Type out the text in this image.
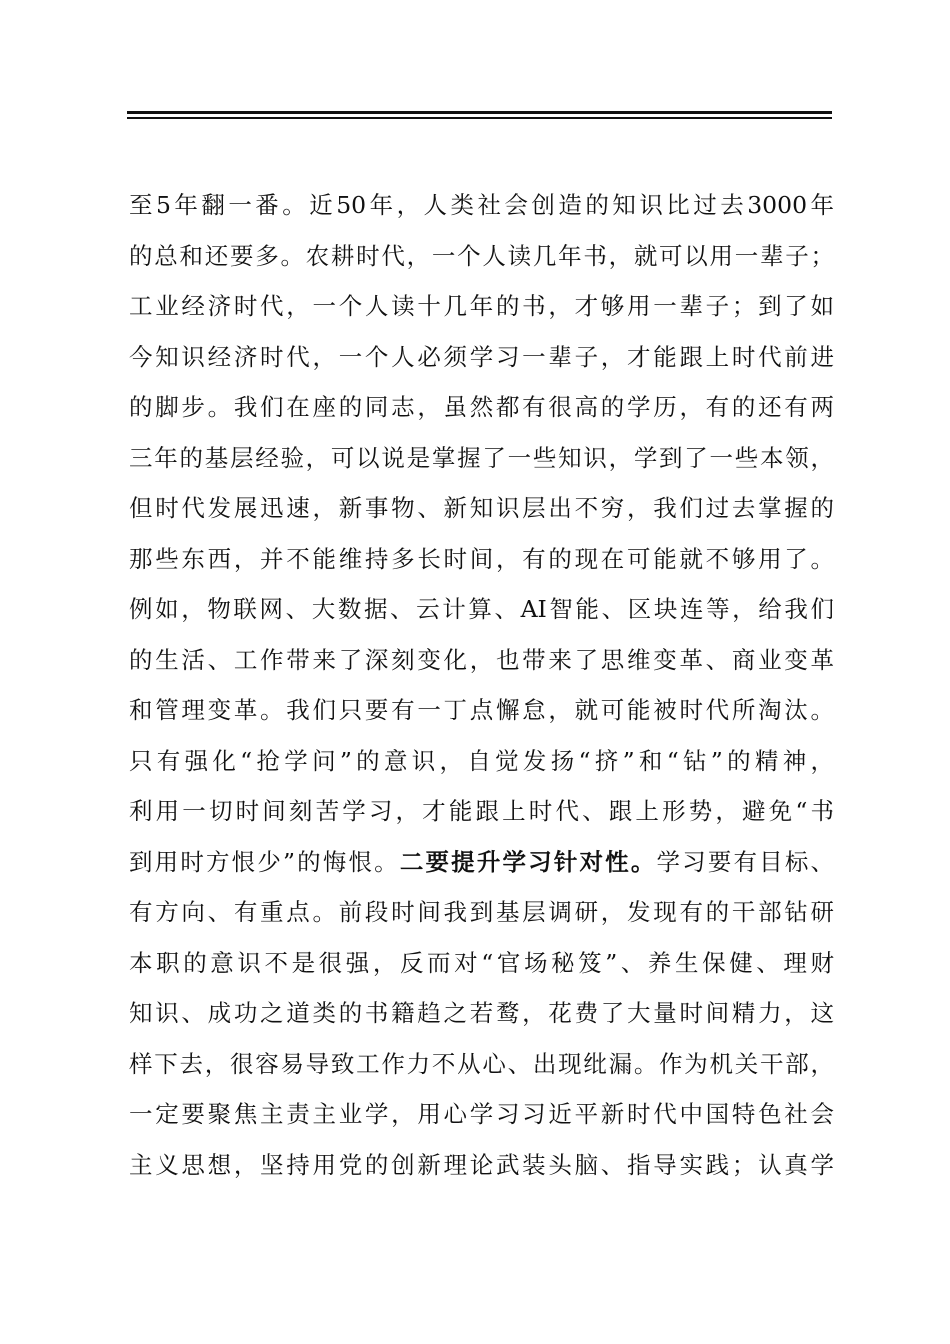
至5年翻一番。近50年，人类社会创造的知识比过去3000年
的总和还要多。农耕时代，一个人读几年书，就可以用一辈子；
工业经济时代，一个人读十几年的书，才够用一辈子；到了如
今知识经济时代，一个人必须学习一辈子，才能跟上时代前进
的脚步。我们在座的同志，虽然都有很高的学历，有的还有两
三年的基层经验，可以说是掌握了一些知识，学到了一些本领，
但时代发展迅速，新事物、新知识层出不穷，我们过去掌握的
那些东西，并不能维持多长时间，有的现在可能就不够用了。
例如，物联网、大数据、云计算、AI智能、区块连等，给我们
的生活、工作带来了深刻变化，也带来了思维变革、商业变革
和管理变革。我们只要有一丁点懈怠，就可能被时代所淘汰。
只有强化“抢学问”的意识，自觉发扬“挤”和“钻”的精神，
利用一切时间刻苦学习，才能跟上时代、跟上形势，避免“书
到用时方恨少”的悔恨。二要提升学习针对性。学习要有目标、
有方向、有重点。前段时间我到基层调研，发现有的干部钻研
本职的意识不是很强，反而对“官场秘笈”、养生保健、理财
知识、成功之道类的书籍趋之若鹜，花费了大量时间精力，这
样下去，很容易导致工作力不从心、出现纰漏。作为机关干部，
一定要聚焦主责主业学，用心学习习近平新时代中国特色社会
主义思想，坚持用党的创新理论武装头脑、指导实践；认真学
